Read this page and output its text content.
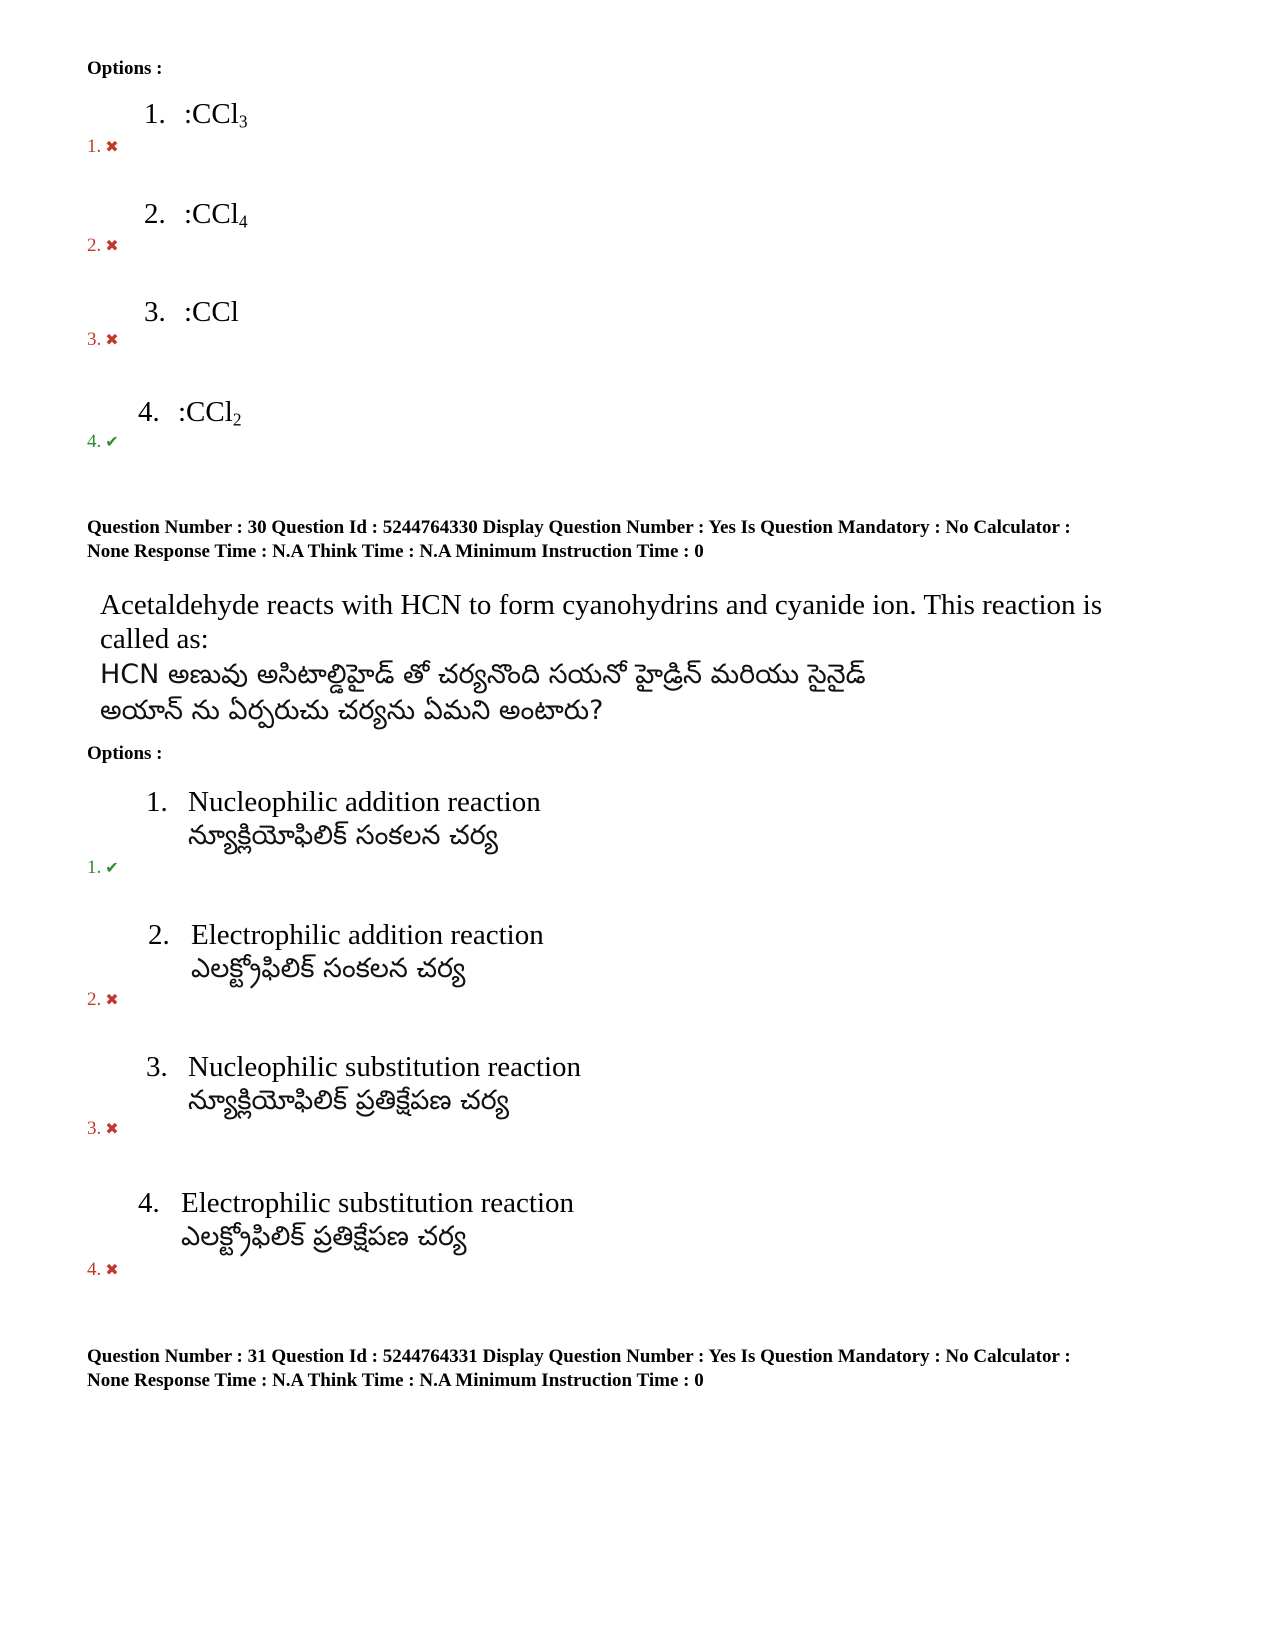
Options :
1. :CCl$_3$
1. ✖
2. :CCl$_4$
2. ✖
3. :CCl
3. ✖
4. :CCl$_2$
4. ✔
Question Number : 30 Question Id : 5244764330 Display Question Number : Yes Is Question Mandatory : No Calculator :
None Response Time : N.A Think Time : N.A Minimum Instruction Time : 0
Acetaldehyde reacts with HCN to form cyanohydrins and cyanide ion. This reaction is called as:
HCN అణువు అసిటాల్డిహైడ్ తో చర్యనొంది సయనో హైడ్రిన్ మరియు సైనైడ్
అయాన్ ను ఏర్పరుచు చర్యను ఏమని అంటారు?
Options :
1. Nucleophilic addition reaction
న్యూక్లియోఫిలిక్ సంకలన చర్య
1. ✔
2. Electrophilic addition reaction
ఎలక్ట్రోఫిలిక్ సంకలన చర్య
2. ✖
3. Nucleophilic substitution reaction
న్యూక్లియోఫిలిక్ ప్రతిక్షేపణ చర్య
3. ✖
4. Electrophilic substitution reaction
ఎలక్ట్రోఫిలిక్ ప్రతిక్షేపణ చర్య
4. ✖
Question Number : 31 Question Id : 5244764331 Display Question Number : Yes Is Question Mandatory : No Calculator :
None Response Time : N.A Think Time : N.A Minimum Instruction Time : 0
